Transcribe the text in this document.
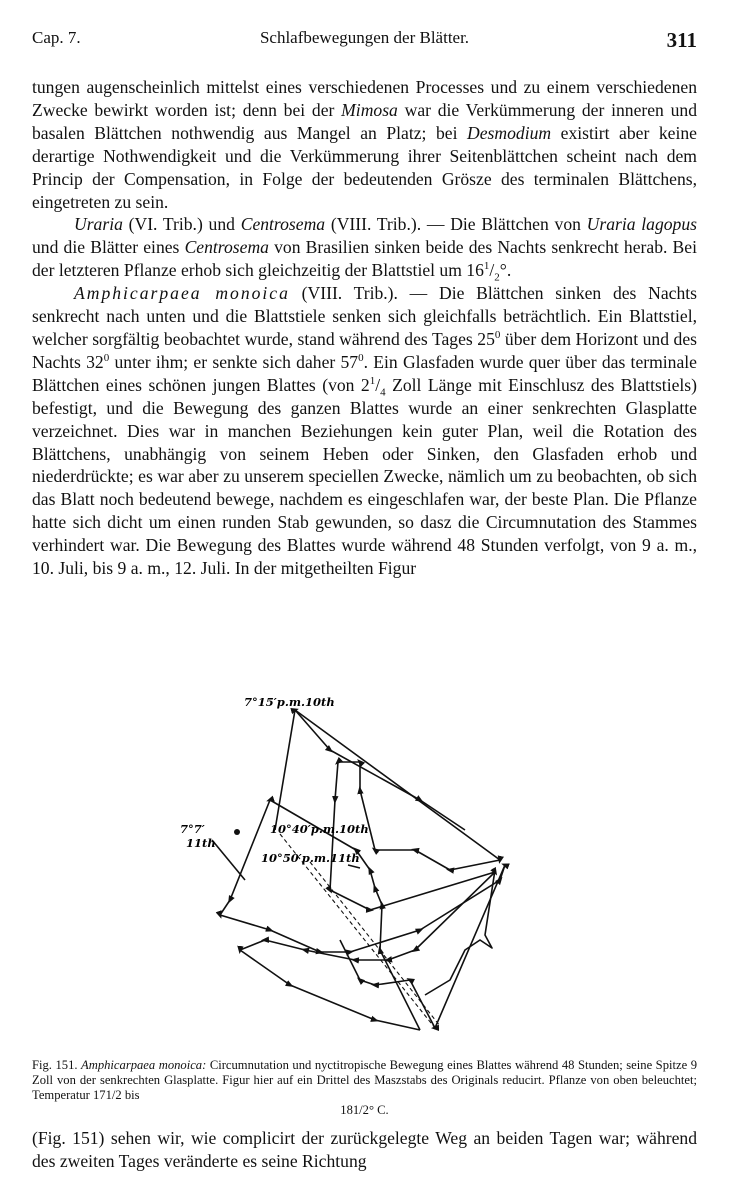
Cap. 7.	Schlafbewegungen der Blätter.	311

tungen augenscheinlich mittelst eines verschiedenen Processes und zu einem verschiedenen Zwecke bewirkt worden ist; denn bei der Mimosa war die Verkümmerung der inneren und basalen Blättchen nothwendig aus Mangel an Platz; bei Desmodium existirt aber keine derartige Nothwendigkeit und die Verkümmerung ihrer Seitenblättchen scheint nach dem Princip der Compensation, in Folge der bedeutenden Grösze des terminalen Blättchens, eingetreten zu sein.

Uraria (VI. Trib.) und Centrosema (VIII. Trib.). — Die Blättchen von Uraria lagopus und die Blätter eines Centrosema von Brasilien sinken beide des Nachts senkrecht herab. Bei der letzteren Pflanze erhob sich gleichzeitig der Blattstiel um $16^1/_2^\circ$.

Amphicarpaea monoica (VIII. Trib.). — Die Blättchen sinken des Nachts senkrecht nach unten und die Blattstiele senken sich gleichfalls beträchtlich. Ein Blattstiel, welcher sorgfältig beobachtet wurde, stand während des Tages $25^0$ über dem Horizont und des Nachts $32^0$ unter ihm; er senkte sich daher $57^0$. Ein Glasfaden wurde quer über das terminale Blättchen eines schönen jungen Blattes (von $2^1/_4$ Zoll Länge mit Einschlusz des Blattstiels) befestigt, und die Bewegung des ganzen Blattes wurde an einer senkrechten Glasplatte verzeichnet. Dies war in manchen Beziehungen kein guter Plan, weil die Rotation des Blättchens, unabhängig von seinem Heben oder Sinken, den Glasfaden erhob und niederdrückte; es war aber zu unserem speciellen Zwecke, nämlich um zu beobachten, ob sich das Blatt noch bedeutend bewege, nachdem es eingeschlafen war, der beste Plan. Die Pflanze hatte sich dicht um einen runden Stab gewunden, so dasz die Circumnutation des Stammes verhindert war. Die Bewegung des Blattes wurde während 48 Stunden verfolgt, von 9 a. m., 10. Juli, bis 9 a. m., 12. Juli. In der mitgetheilten Figur

7°15′p.m.10th
7°7′
11th
10°40′p.m.10th
10°50′p.m.11th
Fig. 151. Amphicarpaea monoica: Circumnutation und nyctitropische Bewegung eines Blattes während 48 Stunden; seine Spitze 9 Zoll von der senkrechten Glasplatte. Figur hier auf ein Drittel des Maszstabs des Originals reducirt. Pflanze von oben beleuchtet; Temperatur 171/2 bis
181/2° C.
(Fig. 151) sehen wir, wie complicirt der zurückgelegte Weg an beiden Tagen war; während des zweiten Tages veränderte es seine Richtung
